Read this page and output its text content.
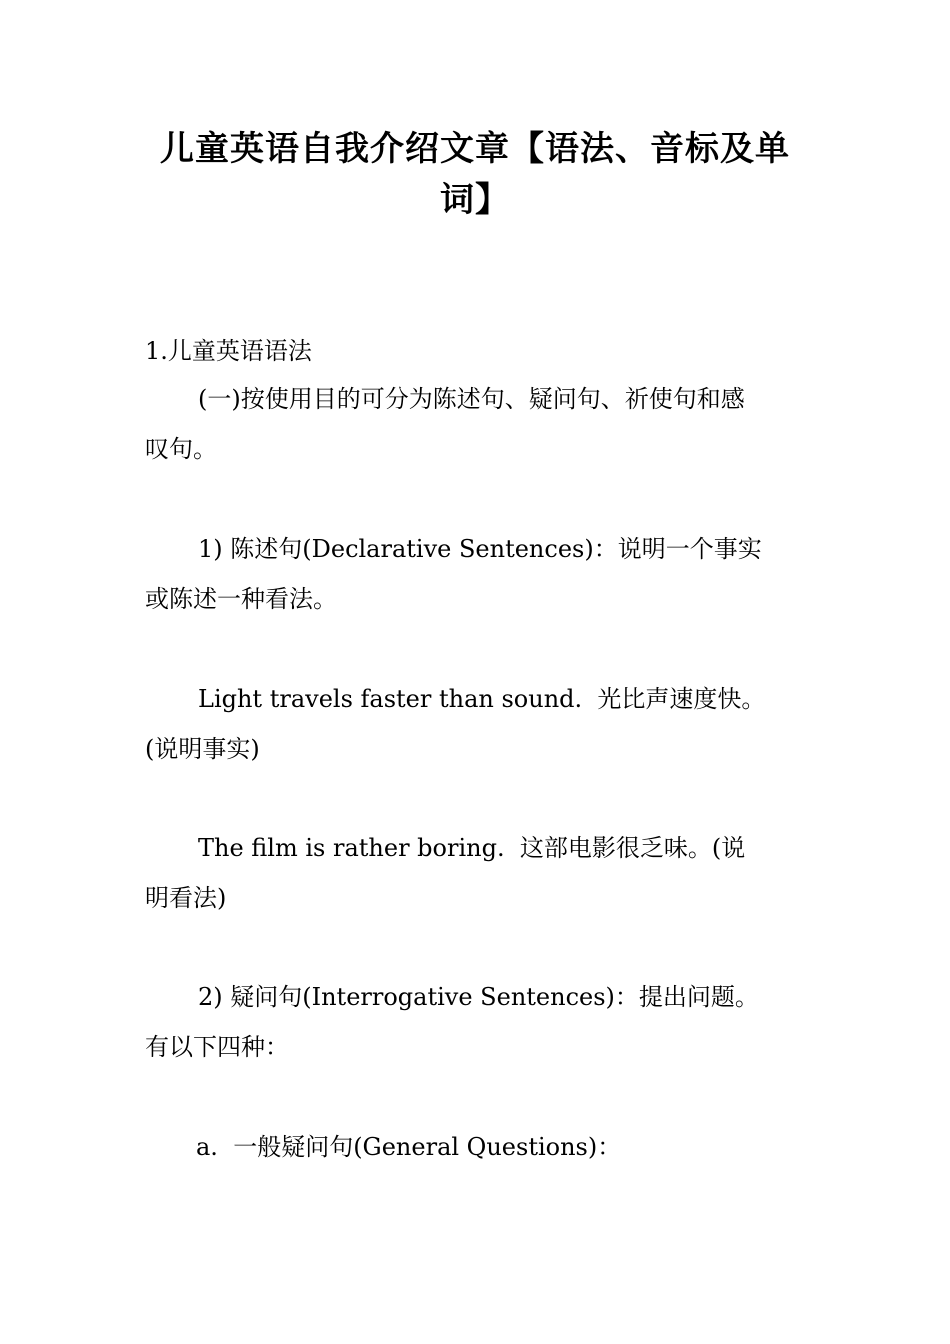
儿童英语自我介绍文章【语法、音标及单
词】
1.儿童英语语法
(一)按使用目的可分为陈述句、疑问句、祈使句和感
叹句。
1) 陈述句(Declarative Sentences)：说明一个事实
或陈述一种看法。
Light travels faster than sound.  光比声速度快。
(说明事实)
The film is rather boring.  这部电影很乏味。(说
明看法)
2) 疑问句(Interrogative Sentences)：提出问题。
有以下四种：
a.  一般疑问句(General Questions)：
